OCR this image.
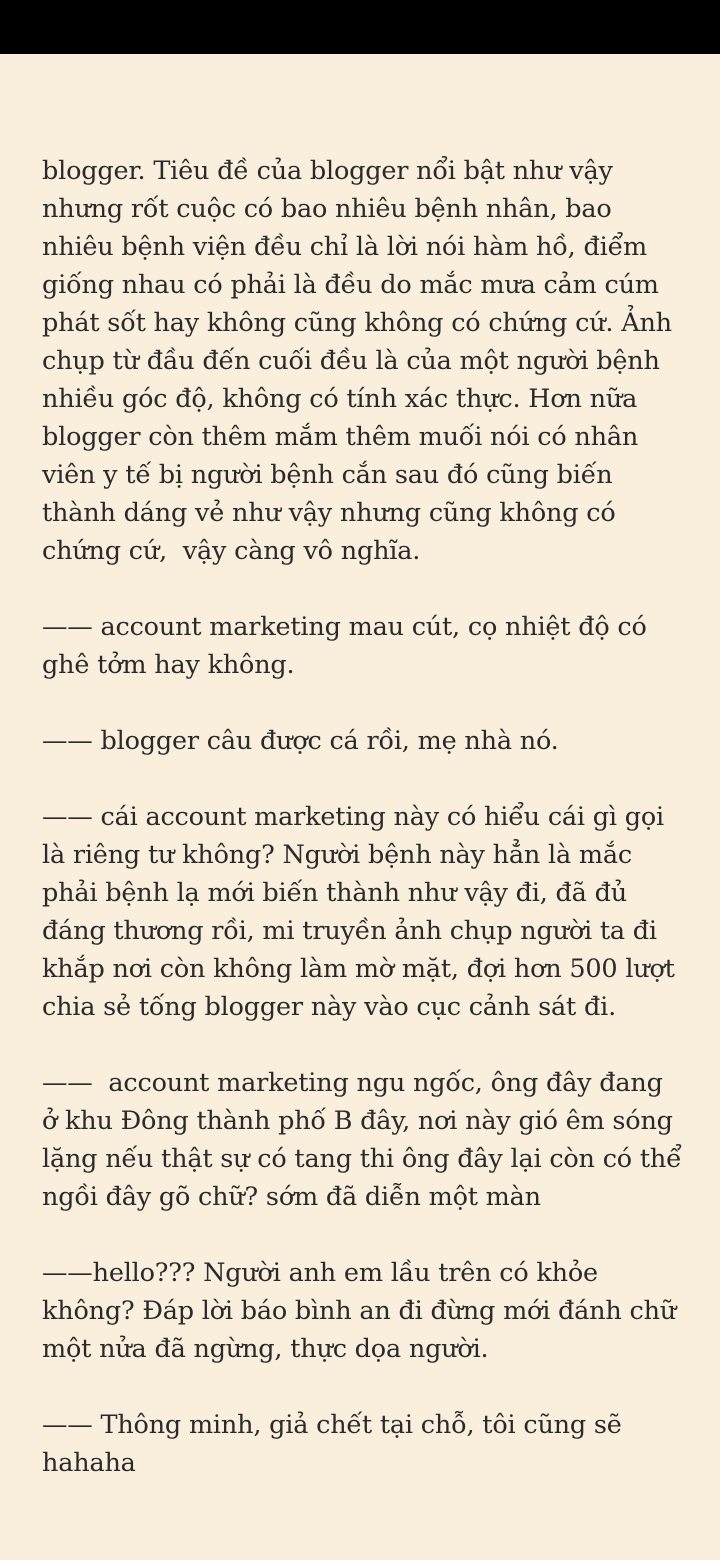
blogger. Tiêu đề của blogger nổi bật như vậy nhưng rốt cuộc có bao nhiêu bệnh nhân, bao nhiêu bệnh viện đều chỉ là lời nói hàm hồ, điểm giống nhau có phải là đều do mắc mưa cảm cúm phát sốt hay không cũng không có chứng cứ. Ảnh chụp từ đầu đến cuối đều là của một người bệnh nhiều góc độ, không có tính xác thực. Hơn nữa blogger còn thêm mắm thêm muối nói có nhân viên y tế bị người bệnh cắn sau đó cũng biến thành dáng vẻ như vậy nhưng cũng không có chứng cứ,  vậy càng vô nghĩa.

—— account marketing mau cút, cọ nhiệt độ có ghê tởm hay không.

—— blogger câu được cá rồi, mẹ nhà nó.

—— cái account marketing này có hiểu cái gì gọi là riêng tư không? Người bệnh này hẳn là mắc phải bệnh lạ mới biến thành như vậy đi, đã đủ đáng thương rồi, mi truyền ảnh chụp người ta đi khắp nơi còn không làm mờ mặt, đợi hơn 500 lượt chia sẻ tống blogger này vào cục cảnh sát đi.

——  account marketing ngu ngốc, ông đây đang ở khu Đông thành phố B đây, nơi này gió êm sóng lặng nếu thật sự có tang thi ông đây lại còn có thể ngồi đây gõ chữ? sớm đã diễn một màn

——hello??? Người anh em lầu trên có khỏe không? Đáp lời báo bình an đi đừng mới đánh chữ một nửa đã ngừng, thực dọa người.

—— Thông minh, giả chết tại chỗ, tôi cũng sẽ hahaha
